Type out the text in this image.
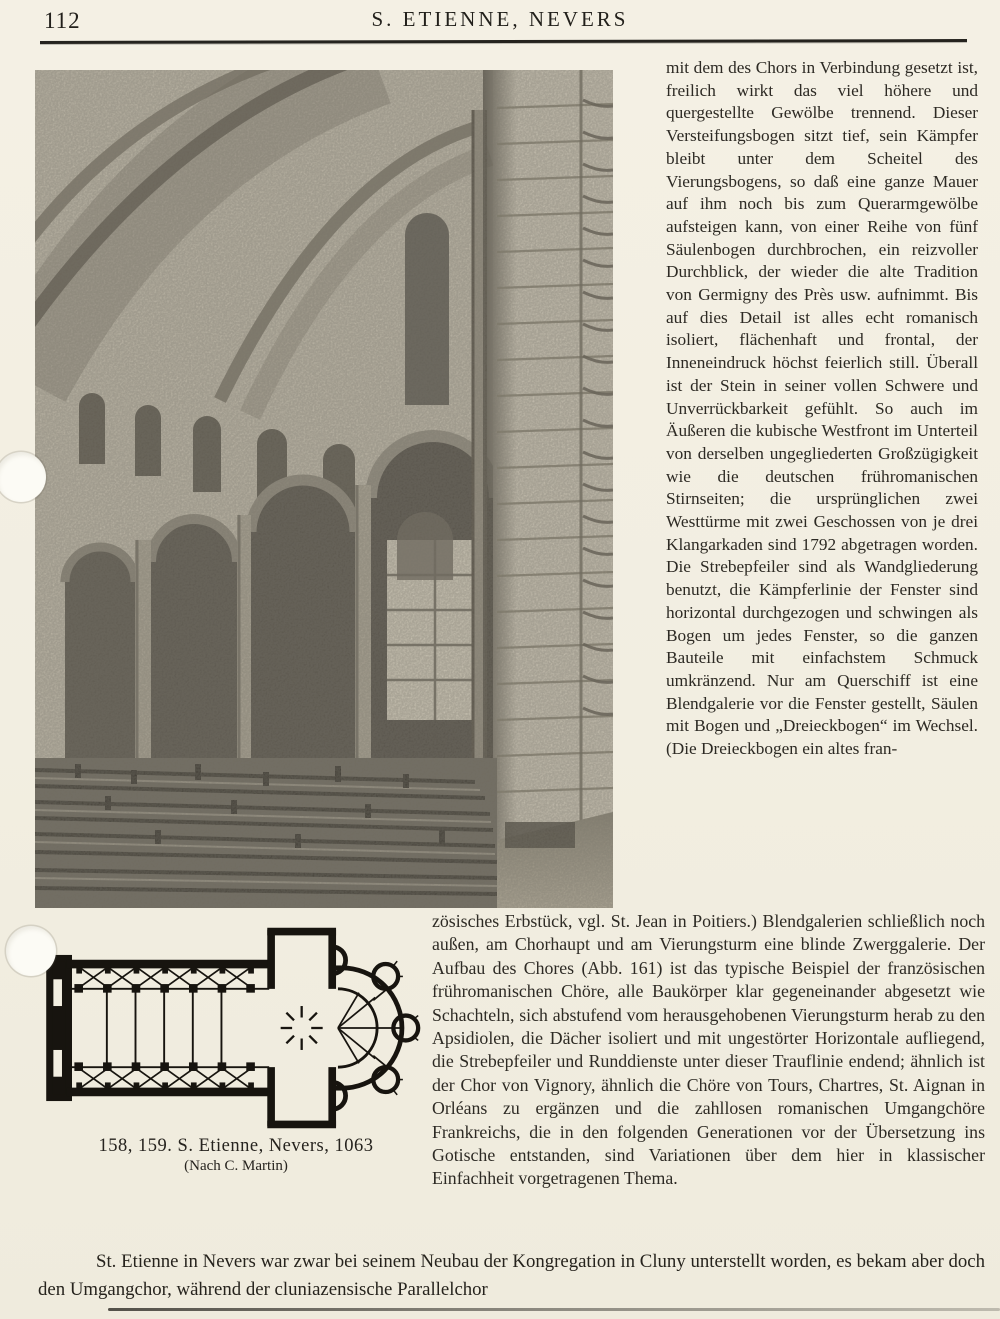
112	S. ETIENNE, NEVERS
mit dem des Chors in Verbindung gesetzt ist, freilich wirkt das viel höhere und quergestellte Gewölbe trennend. Dieser Versteifungsbogen sitzt tief, sein Kämpfer bleibt unter dem Scheitel des Vierungsbogens, so daß eine ganze Mauer auf ihm noch bis zum Querarmgewölbe aufsteigen kann, von einer Reihe von fünf Säulenbogen durchbrochen, ein reizvoller Durchblick, der wieder die alte Tradition von Germigny des Près usw. aufnimmt. Bis auf dies Detail ist alles echt romanisch isoliert, flächenhaft und frontal, der Inneneindruck höchst feierlich still. Überall ist der Stein in seiner vollen Schwere und Unverrückbarkeit gefühlt. So auch im Äußeren die kubische Westfront im Unterteil von derselben ungegliederten Großzügigkeit wie die deutschen frühromanischen Stirnseiten; die ursprünglichen zwei Westtürme mit zwei Geschossen von je drei Klangarkaden sind 1792 abgetragen worden. Die Strebepfeiler sind als Wandgliederung benutzt, die Kämpferlinie der Fenster sind horizontal durchgezogen und schwingen als Bogen um jedes Fenster, so die ganzen Bauteile mit einfachstem Schmuck umkränzend. Nur am Querschiff ist eine Blendgalerie vor die Fenster gestellt, Säulen mit Bogen und „Dreieckbogen“ im Wechsel. (Die Dreieckbogen ein altes fran-
158, 159. S. Etienne, Nevers, 1063
(Nach C. Martin)
zösisches Erbstück, vgl. St. Jean in Poitiers.) Blendgalerien schließlich noch außen, am Chorhaupt und am Vierungsturm eine blinde Zwerggalerie. Der Aufbau des Chores (Abb. 161) ist das typische Beispiel der französischen frühromanischen Chöre, alle Baukörper klar gegeneinander abgesetzt wie Schachteln, sich abstufend vom herausgehobenen Vierungsturm herab zu den Apsidiolen, die Dächer isoliert und mit ungestörter Horizontale aufliegend, die Strebepfeiler und Runddienste unter dieser Trauflinie endend; ähnlich ist der Chor von Vignory, ähnlich die Chöre von Tours, Chartres, St. Aignan in Orléans zu ergänzen und die zahllosen romanischen Umgangchöre Frankreichs, die in den folgenden Generationen vor der Übersetzung ins Gotische entstanden, sind Variationen über dem hier in klassischer Einfachheit vorgetragenen Thema.
St. Etienne in Nevers war zwar bei seinem Neubau der Kongregation in Cluny unterstellt worden, es bekam aber doch den Umgangchor, während der cluniazensische Parallelchor
